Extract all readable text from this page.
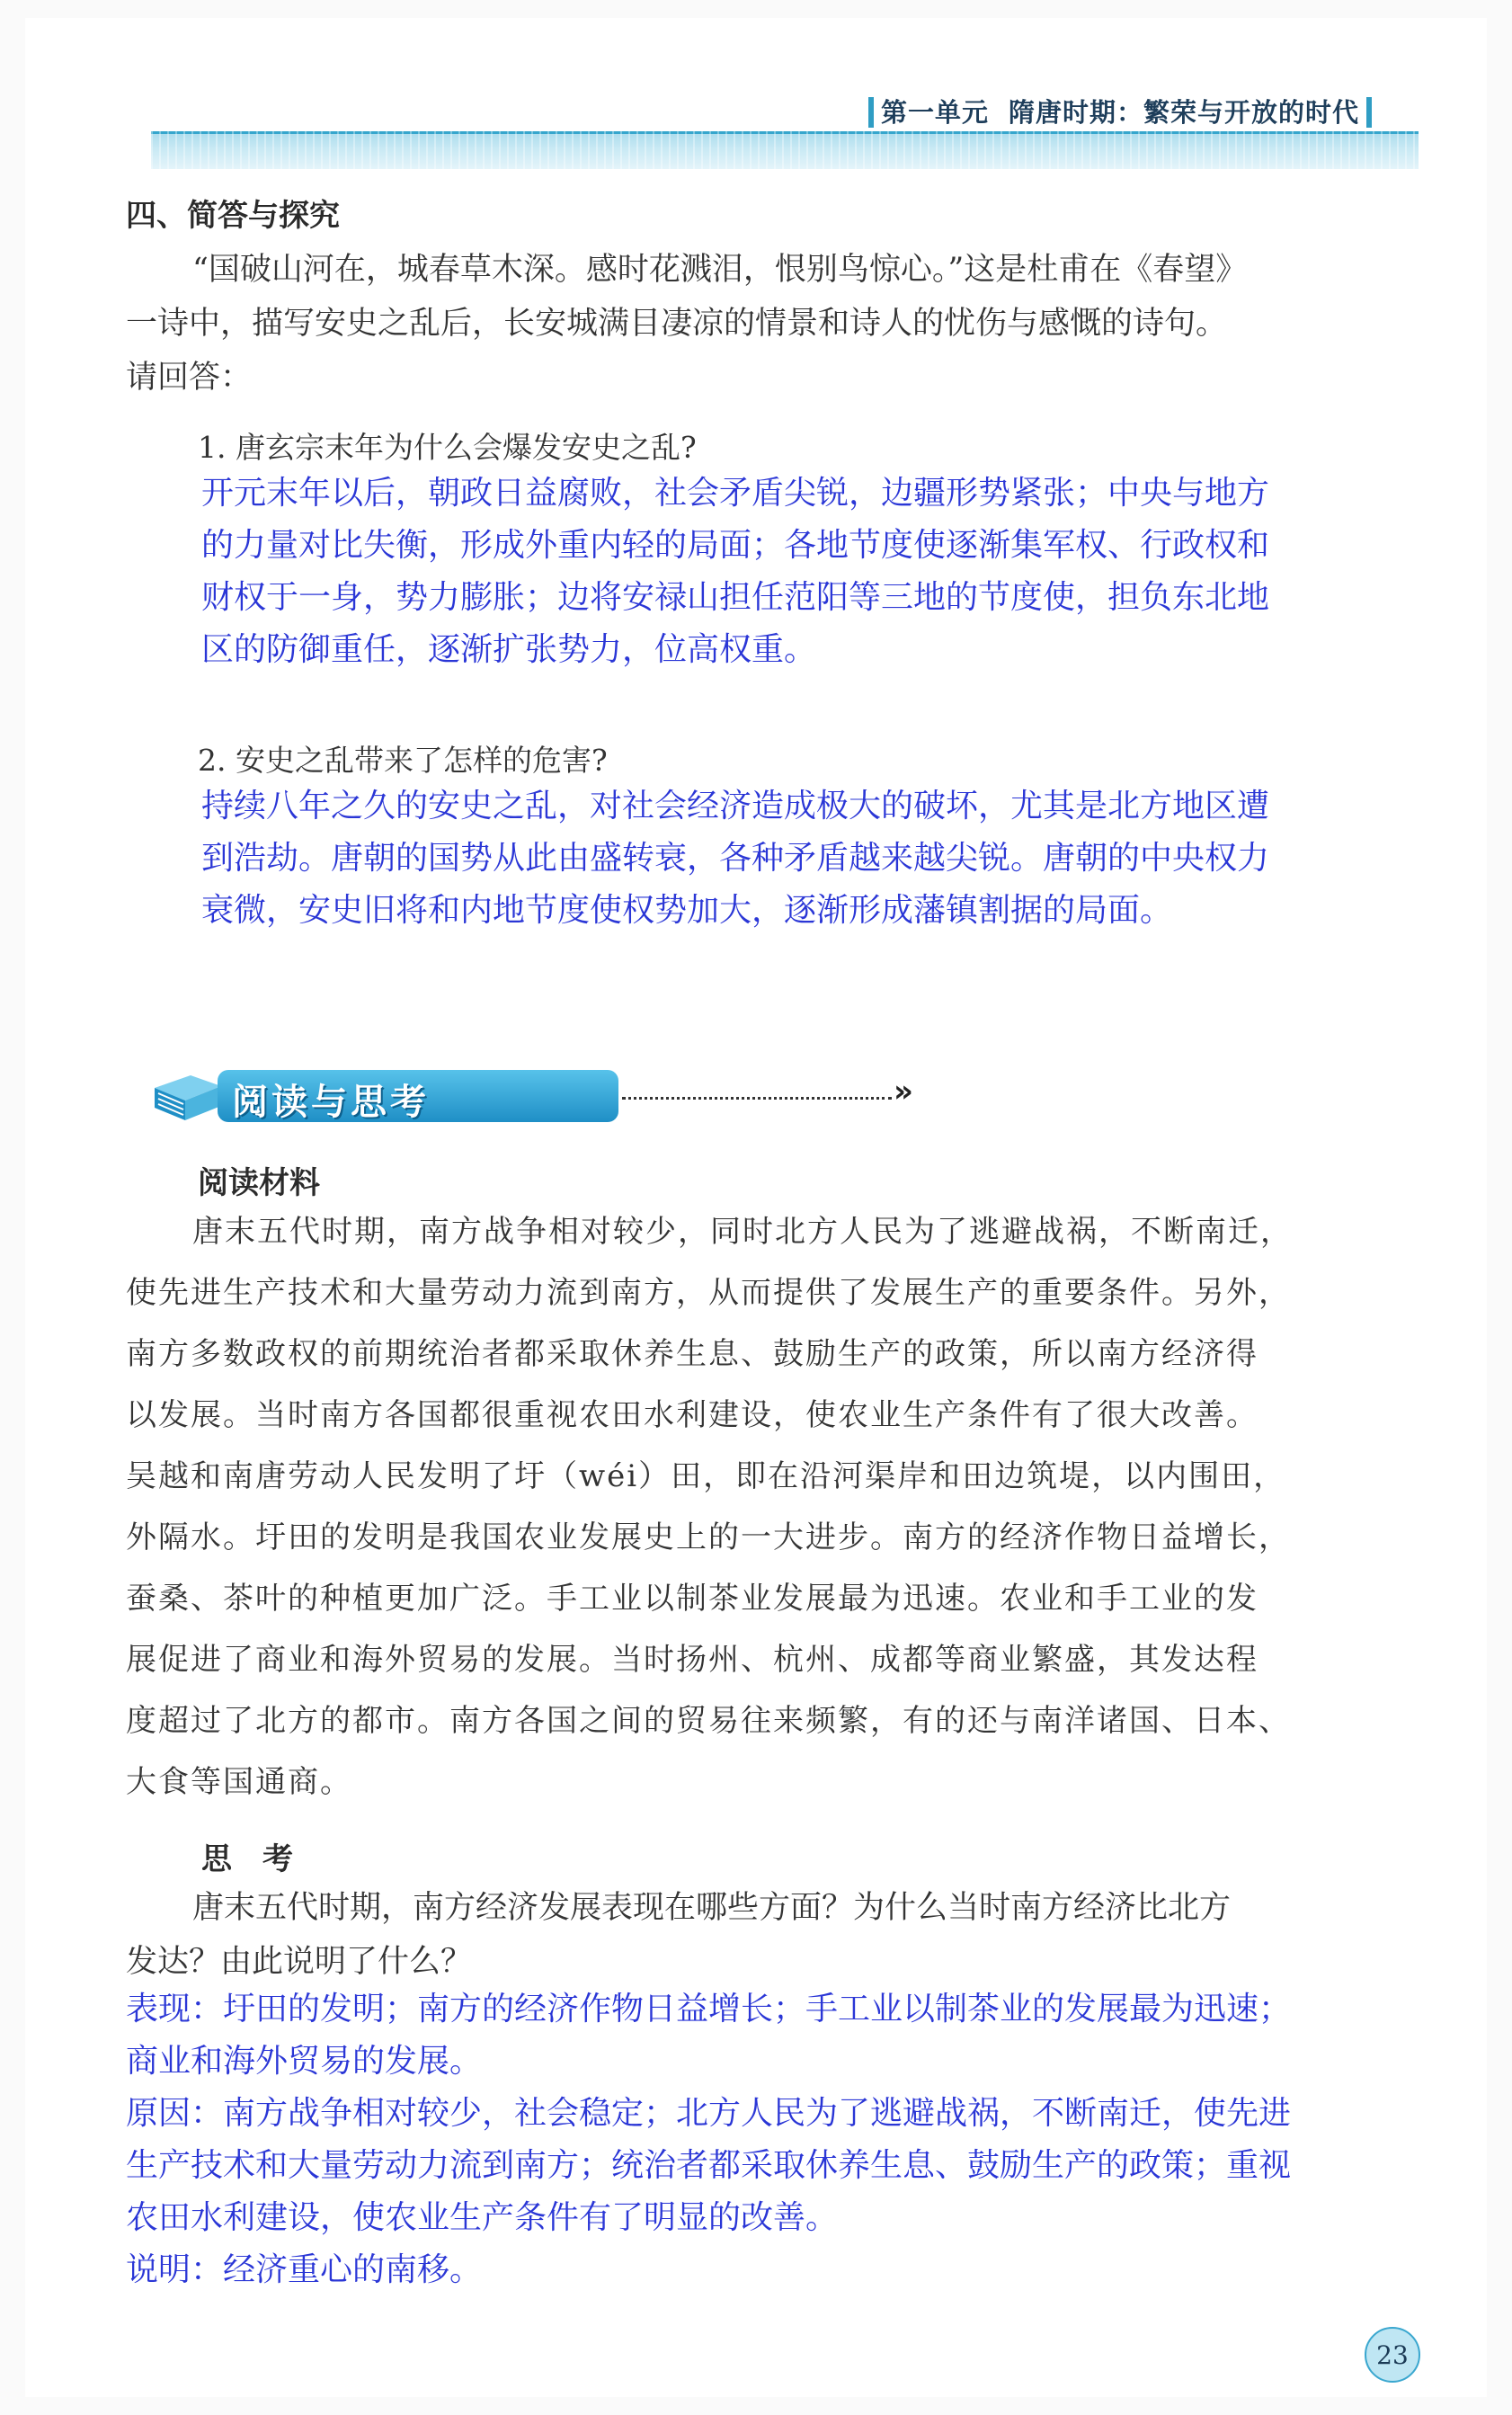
第一单元 隋唐时期：繁荣与开放的时代
四、简答与探究
“国破山河在，城春草木深。感时花溅泪，恨别鸟惊心。”这是杜甫在《春望》
一诗中，描写安史之乱后，长安城满目凄凉的情景和诗人的忧伤与感慨的诗句。
请回答：
1. 唐玄宗末年为什么会爆发安史之乱?
开元末年以后，朝政日益腐败，社会矛盾尖锐，边疆形势紧张；中央与地方
的力量对比失衡，形成外重内轻的局面；各地节度使逐渐集军权、行政权和
财权于一身，势力膨胀；边将安禄山担任范阳等三地的节度使，担负东北地
区的防御重任，逐渐扩张势力，位高权重。
2. 安史之乱带来了怎样的危害?
持续八年之久的安史之乱，对社会经济造成极大的破坏，尤其是北方地区遭
到浩劫。唐朝的国势从此由盛转衰，各种矛盾越来越尖锐。唐朝的中央权力
衰微，安史旧将和内地节度使权势加大，逐渐形成藩镇割据的局面。
阅读与思考	»
阅读材料
唐末五代时期，南方战争相对较少，同时北方人民为了逃避战祸，不断南迁，
使先进生产技术和大量劳动力流到南方，从而提供了发展生产的重要条件。另外，
南方多数政权的前期统治者都采取休养生息、鼓励生产的政策，所以南方经济得
以发展。当时南方各国都很重视农田水利建设，使农业生产条件有了很大改善。
吴越和南唐劳动人民发明了圩（wéi）田，即在沿河渠岸和田边筑堤，以内围田，
外隔水。圩田的发明是我国农业发展史上的一大进步。南方的经济作物日益增长，
蚕桑、茶叶的种植更加广泛。手工业以制茶业发展最为迅速。农业和手工业的发
展促进了商业和海外贸易的发展。当时扬州、杭州、成都等商业繁盛，其发达程
度超过了北方的都市。南方各国之间的贸易往来频繁，有的还与南洋诸国、日本、
大食等国通商。
思　考
唐末五代时期，南方经济发展表现在哪些方面？为什么当时南方经济比北方
发达？由此说明了什么？
表现：圩田的发明；南方的经济作物日益增长；手工业以制茶业的发展最为迅速；
商业和海外贸易的发展。
原因：南方战争相对较少，社会稳定；北方人民为了逃避战祸，不断南迁，使先进
生产技术和大量劳动力流到南方；统治者都采取休养生息、鼓励生产的政策；重视
农田水利建设，使农业生产条件有了明显的改善。
说明：经济重心的南移。
23
